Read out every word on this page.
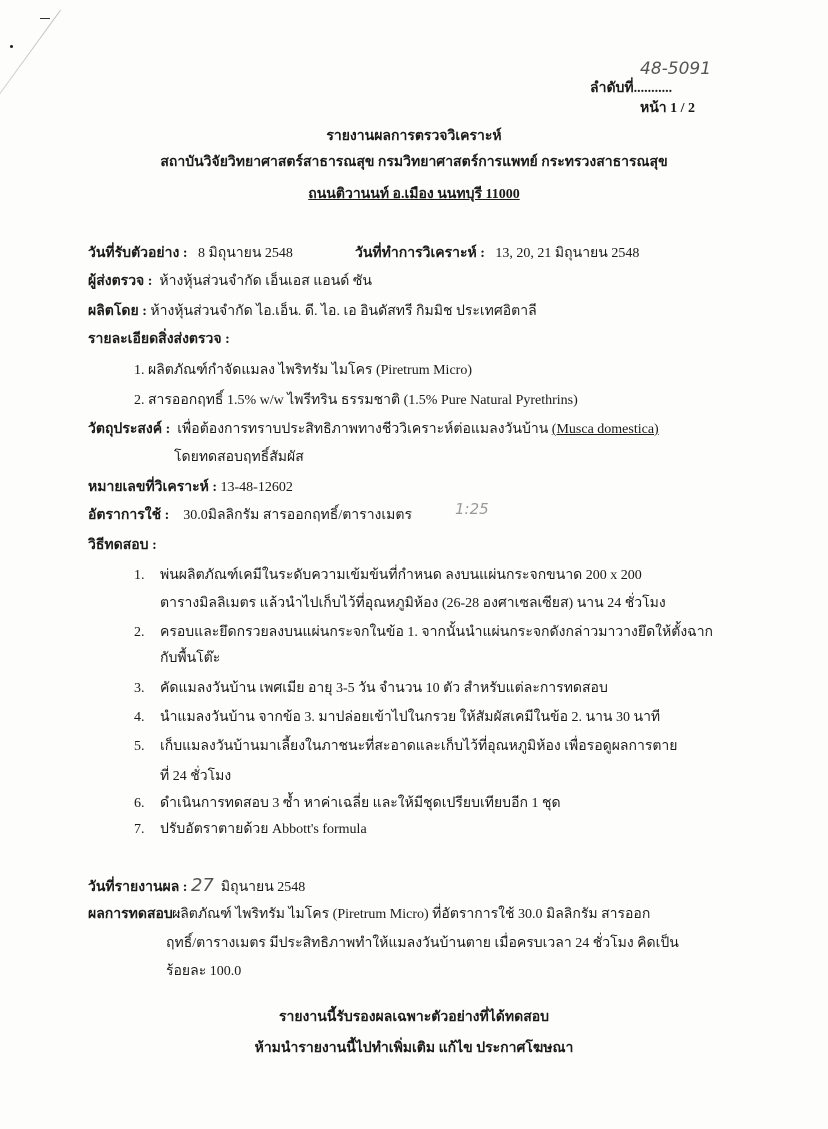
ลำดับที่...........
48-5091
หน้า 1 / 2
รายงานผลการตรวจวิเคราะห์
สถาบันวิจัยวิทยาศาสตร์สาธารณสุข กรมวิทยาศาสตร์การแพทย์ กระทรวงสาธารณสุข
ถนนติวานนท์ อ.เมือง นนทบุรี 11000
วันที่รับตัวอย่าง : 8 มิถุนายน 2548	วันที่ทำการวิเคราะห์ : 13, 20, 21 มิถุนายน 2548
ผู้ส่งตรวจ : ห้างหุ้นส่วนจำกัด เอ็นเอส แอนด์ ซัน
ผลิตโดย : ห้างหุ้นส่วนจำกัด ไอ.เอ็น. ดี. ไอ. เอ อินดัสทรี กิมมิช ประเทศอิตาลี
รายละเอียดสิ่งส่งตรวจ :
1. ผลิตภัณฑ์กำจัดแมลง ไพริทรัม ไมโคร (Piretrum Micro)
2. สารออกฤทธิ์ 1.5% w/w ไพรีทริน ธรรมชาติ (1.5% Pure Natural Pyrethrins)
วัตถุประสงค์ : เพื่อต้องการทราบประสิทธิภาพทางชีววิเคราะห์ต่อแมลงวันบ้าน (Musca domestica)
โดยทดสอบฤทธิ์สัมผัส
หมายเลขที่วิเคราะห์ : 13-48-12602
อัตราการใช้ : 30.0มิลลิกรัม สารออกฤทธิ์/ตารางเมตร	1:25
วิธีทดสอบ :
1. พ่นผลิตภัณฑ์เคมีในระดับความเข้มข้นที่กำหนด ลงบนแผ่นกระจกขนาด 200 x 200
ตารางมิลลิเมตร แล้วนำไปเก็บไว้ที่อุณหภูมิห้อง (26-28 องศาเซลเซียส) นาน 24 ชั่วโมง
2. ครอบและยึดกรวยลงบนแผ่นกระจกในข้อ 1. จากนั้นนำแผ่นกระจกดังกล่าวมาวางยึดให้ตั้งฉาก
กับพื้นโต๊ะ
3. คัดแมลงวันบ้าน เพศเมีย อายุ 3-5 วัน จำนวน 10 ตัว สำหรับแต่ละการทดสอบ
4. นำแมลงวันบ้าน จากข้อ 3. มาปล่อยเข้าไปในกรวย ให้สัมผัสเคมีในข้อ 2. นาน 30 นาที
5. เก็บแมลงวันบ้านมาเลี้ยงในภาชนะที่สะอาดและเก็บไว้ที่อุณหภูมิห้อง เพื่อรอดูผลการตาย
ที่ 24 ชั่วโมง
6. ดำเนินการทดสอบ 3 ซ้ำ หาค่าเฉลี่ย และให้มีชุดเปรียบเทียบอีก 1 ชุด
7. ปรับอัตราตายด้วย Abbott's formula
วันที่รายงานผล : 27 มิถุนายน 2548
ผลการทดสอบ :
ผลิตภัณฑ์ ไพริทรัม ไมโคร (Piretrum Micro) ที่อัตราการใช้ 30.0 มิลลิกรัม สารออก
ฤทธิ์/ตารางเมตร มีประสิทธิภาพทำให้แมลงวันบ้านตาย เมื่อครบเวลา 24 ชั่วโมง คิดเป็น
ร้อยละ 100.0
รายงานนี้รับรองผลเฉพาะตัวอย่างที่ได้ทดสอบ
ห้ามนำรายงานนี้ไปทำเพิ่มเติม แก้ไข ประกาศโฆษณา
